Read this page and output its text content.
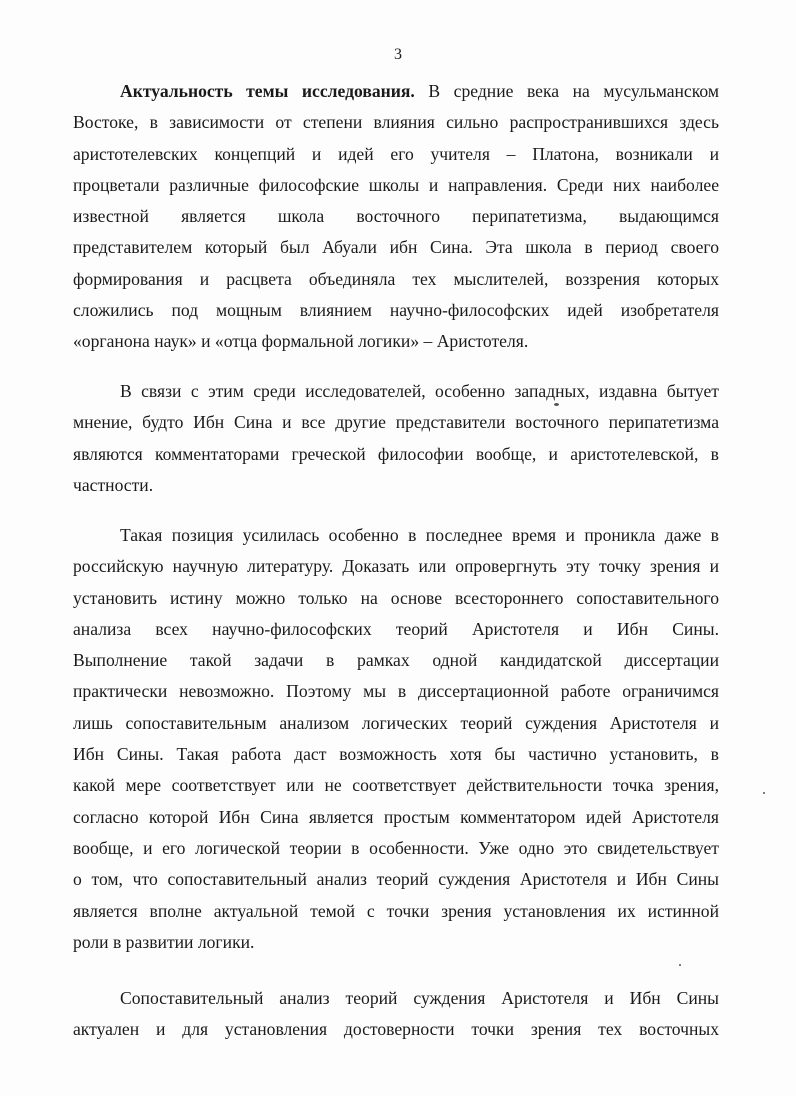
3
Актуальность темы исследования. В средние века на мусульманском
Востоке, в зависимости от степени влияния сильно распространившихся здесь
аристотелевских концепций и идей его учителя – Платона, возникали и
процветали различные философские школы и направления. Среди них наиболее
известной является школа восточного перипатетизма, выдающимся
представителем который был Абуали ибн Сина. Эта школа в период своего
формирования и расцвета объединяла тех мыслителей, воззрения которых
сложились под мощным влиянием научно-философских идей изобретателя
«органона наук» и «отца формальной логики» – Аристотеля.
В связи с этим среди исследователей, особенно западных, издавна бытует
мнение, будто Ибн Сина и все другие представители восточного перипатетизма
являются комментаторами греческой философии вообще, и аристотелевской, в
частности.
Такая позиция усилилась особенно в последнее время и проникла даже в
российскую научную литературу. Доказать или опровергнуть эту точку зрения и
установить истину можно только на основе всестороннего сопоставительного
анализа всех научно-философских теорий Аристотеля и Ибн Сины.
Выполнение такой задачи в рамках одной кандидатской диссертации
практически невозможно. Поэтому мы в диссертационной работе ограничимся
лишь сопоставительным анализом логических теорий суждения Аристотеля и
Ибн Сины. Такая работа даст возможность хотя бы частично установить, в
какой мере соответствует или не соответствует действительности точка зрения,
согласно которой Ибн Сина является простым комментатором идей Аристотеля
вообще, и его логической теории в особенности. Уже одно это свидетельствует
о том, что сопоставительный анализ теорий суждения Аристотеля и Ибн Сины
является вполне актуальной темой с точки зрения установления их истинной
роли в развитии логики.
Сопоставительный анализ теорий суждения Аристотеля и Ибн Сины
актуален и для установления достоверности точки зрения тех восточных
